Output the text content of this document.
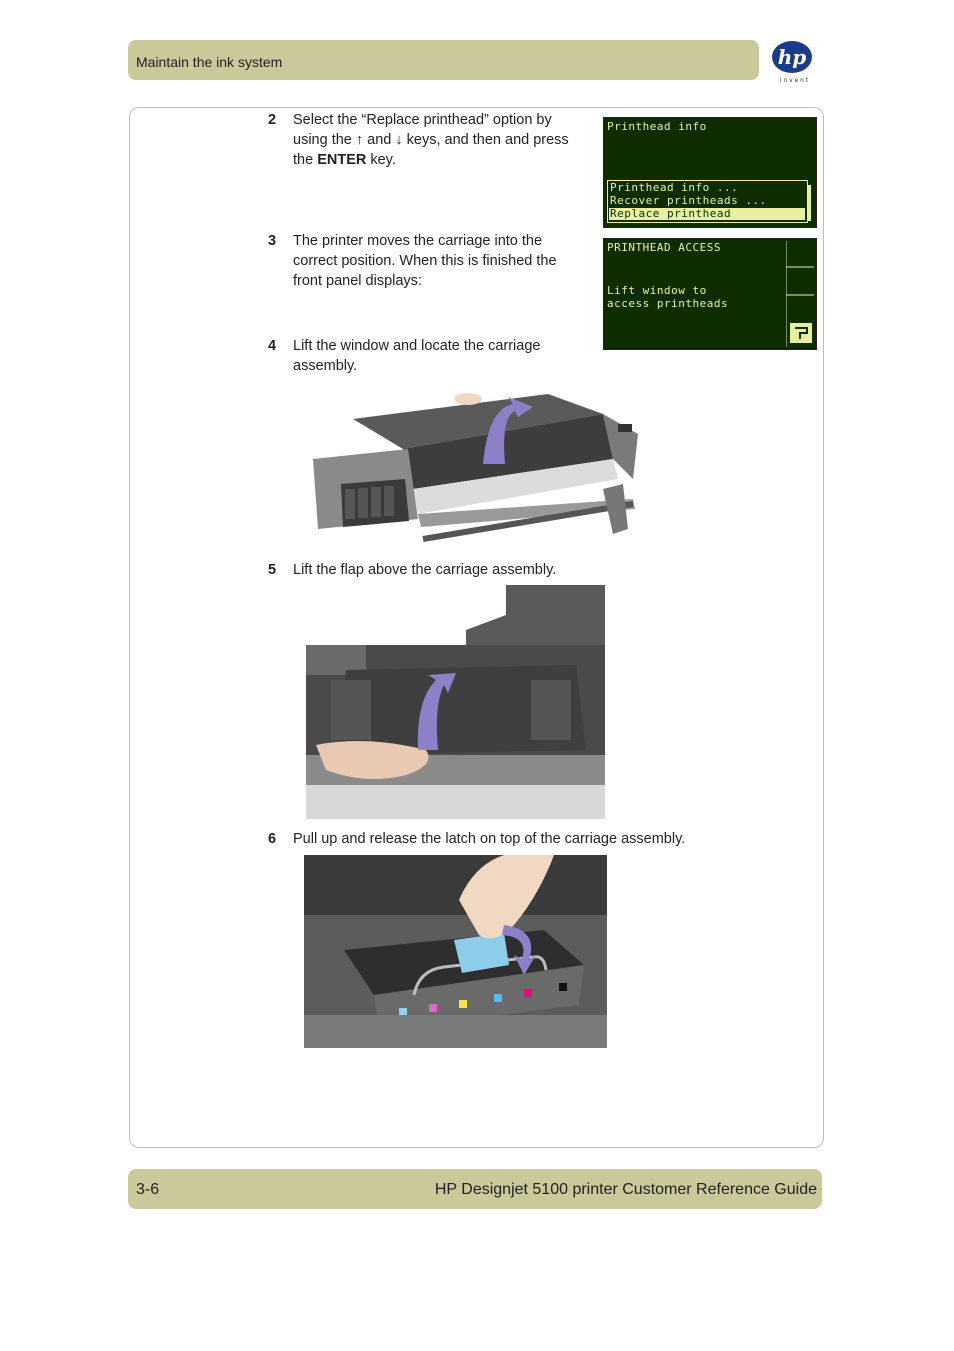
Maintain the ink system	hp
i n v e n t
2 Select the “Replace printhead” option by
using the ↑ and ↓ keys, and then and press
the ENTER key.
Printhead info
Printhead info ...
Recover printheads ...
Replace printhead
3 The printer moves the carriage into the
correct position. When this is finished the
front panel displays:
PRINTHEAD ACCESS
Lift window to
access printheads
4 Lift the window and locate the carriage
assembly.
5 Lift the flap above the carriage assembly.
6 Pull up and release the latch on top of the carriage assembly.
3-6	HP Designjet 5100 printer Customer Reference Guide
